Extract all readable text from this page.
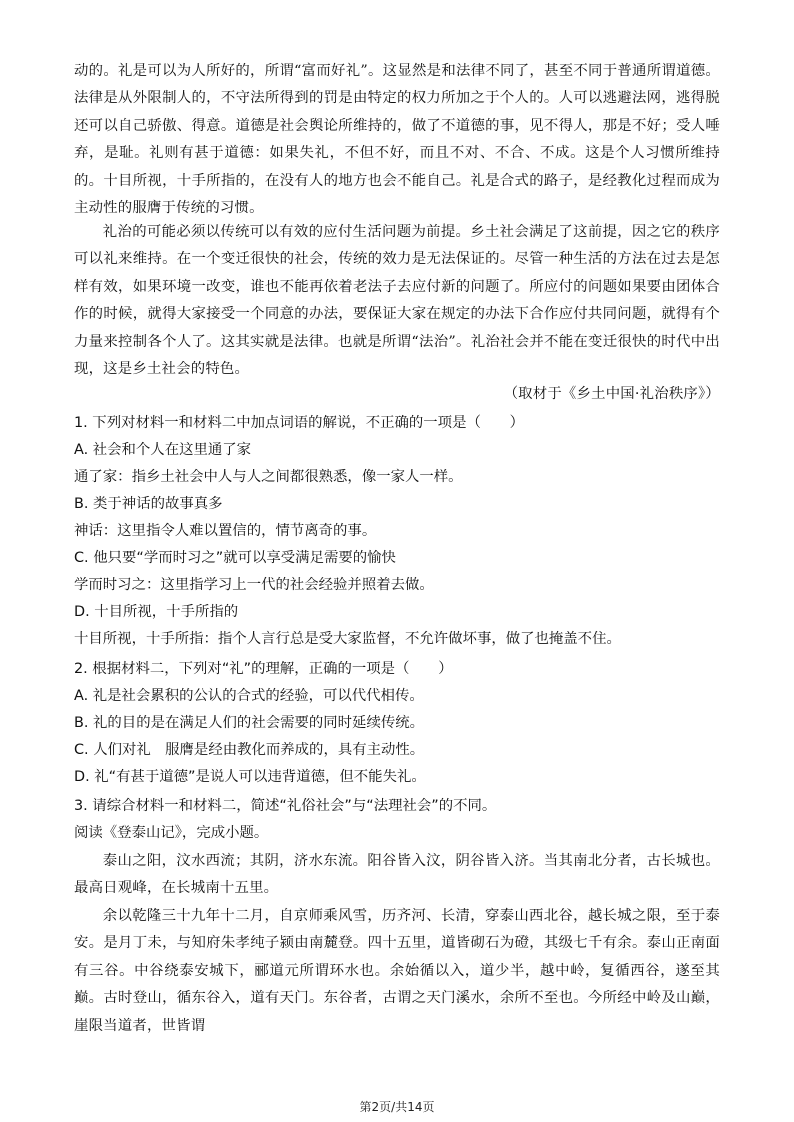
动的。礼是可以为人所好的，所谓“富而好礼”。这显然是和法律不同了，甚至不同于普通所谓道德。法律是从外限制人的，不守法所得到的罚是由特定的权力所加之于个人的。人可以逃避法网，逃得脱还可以自己骄傲、得意。道德是社会舆论所维持的，做了不道德的事，见不得人，那是不好；受人唾弃，是耻。礼则有甚于道德：如果失礼，不但不好，而且不对、不合、不成。这是个人习惯所维持的。十目所视，十手所指的，在没有人的地方也会不能自己。礼是合式的路子，是经教化过程而成为主动性的服膺于传统的习惯。

礼治的可能必须以传统可以有效的应付生活问题为前提。乡土社会满足了这前提，因之它的秩序可以礼来维持。在一个变迁很快的社会，传统的效力是无法保证的。尽管一种生活的方法在过去是怎样有效，如果环境一改变，谁也不能再依着老法子去应付新的问题了。所应付的问题如果要由团体合作的时候，就得大家接受一个同意的办法，要保证大家在规定的办法下合作应付共同问题，就得有个力量来控制各个人了。这其实就是法律。也就是所谓“法治”。礼治社会并不能在变迁很快的时代中出现，这是乡土社会的特色。

（取材于《乡土中国·礼治秩序》）
1. 下列对材料一和材料二中加点词语的解说，不正确的一项是（　　）
A. 社会和个人在这里通了家
通了家：指乡土社会中人与人之间都很熟悉，像一家人一样。
B. 类于神话的故事真多
神话：这里指令人难以置信的，情节离奇的事。
C. 他只要“学而时习之”就可以享受满足需要的愉快
学而时习之：这里指学习上一代的社会经验并照着去做。
D. 十目所视，十手所指的
十目所视，十手所指：指个人言行总是受大家监督，不允许做坏事，做了也掩盖不住。
2. 根据材料二，下列对“礼”的理解，正确的一项是（　　）
A. 礼是社会累积的公认的合式的经验，可以代代相传。
B. 礼的目的是在满足人们的社会需要的同时延续传统。
C. 人们对礼　服膺是经由教化而养成的，具有主动性。
D. 礼“有甚于道德”是说人可以违背道德，但不能失礼。
3. 请综合材料一和材料二，简述“礼俗社会”与“法理社会”的不同。
阅读《登泰山记》，完成小题。

泰山之阳，汶水西流；其阴，济水东流。阳谷皆入汶，阴谷皆入济。当其南北分者，古长城也。最高日观峰，在长城南十五里。

余以乾隆三十九年十二月，自京师乘风雪，历齐河、长清，穿泰山西北谷，越长城之限，至于泰安。是月丁未，与知府朱孝纯子颍由南麓登。四十五里，道皆砌石为磴，其级七千有余。泰山正南面有三谷。中谷绕泰安城下，郦道元所谓环水也。余始循以入，道少半，越中岭，复循西谷，遂至其巅。古时登山，循东谷入，道有天门。东谷者，古谓之天门溪水，余所不至也。今所经中岭及山巅，崖限当道者，世皆谓

第2页/共14页
